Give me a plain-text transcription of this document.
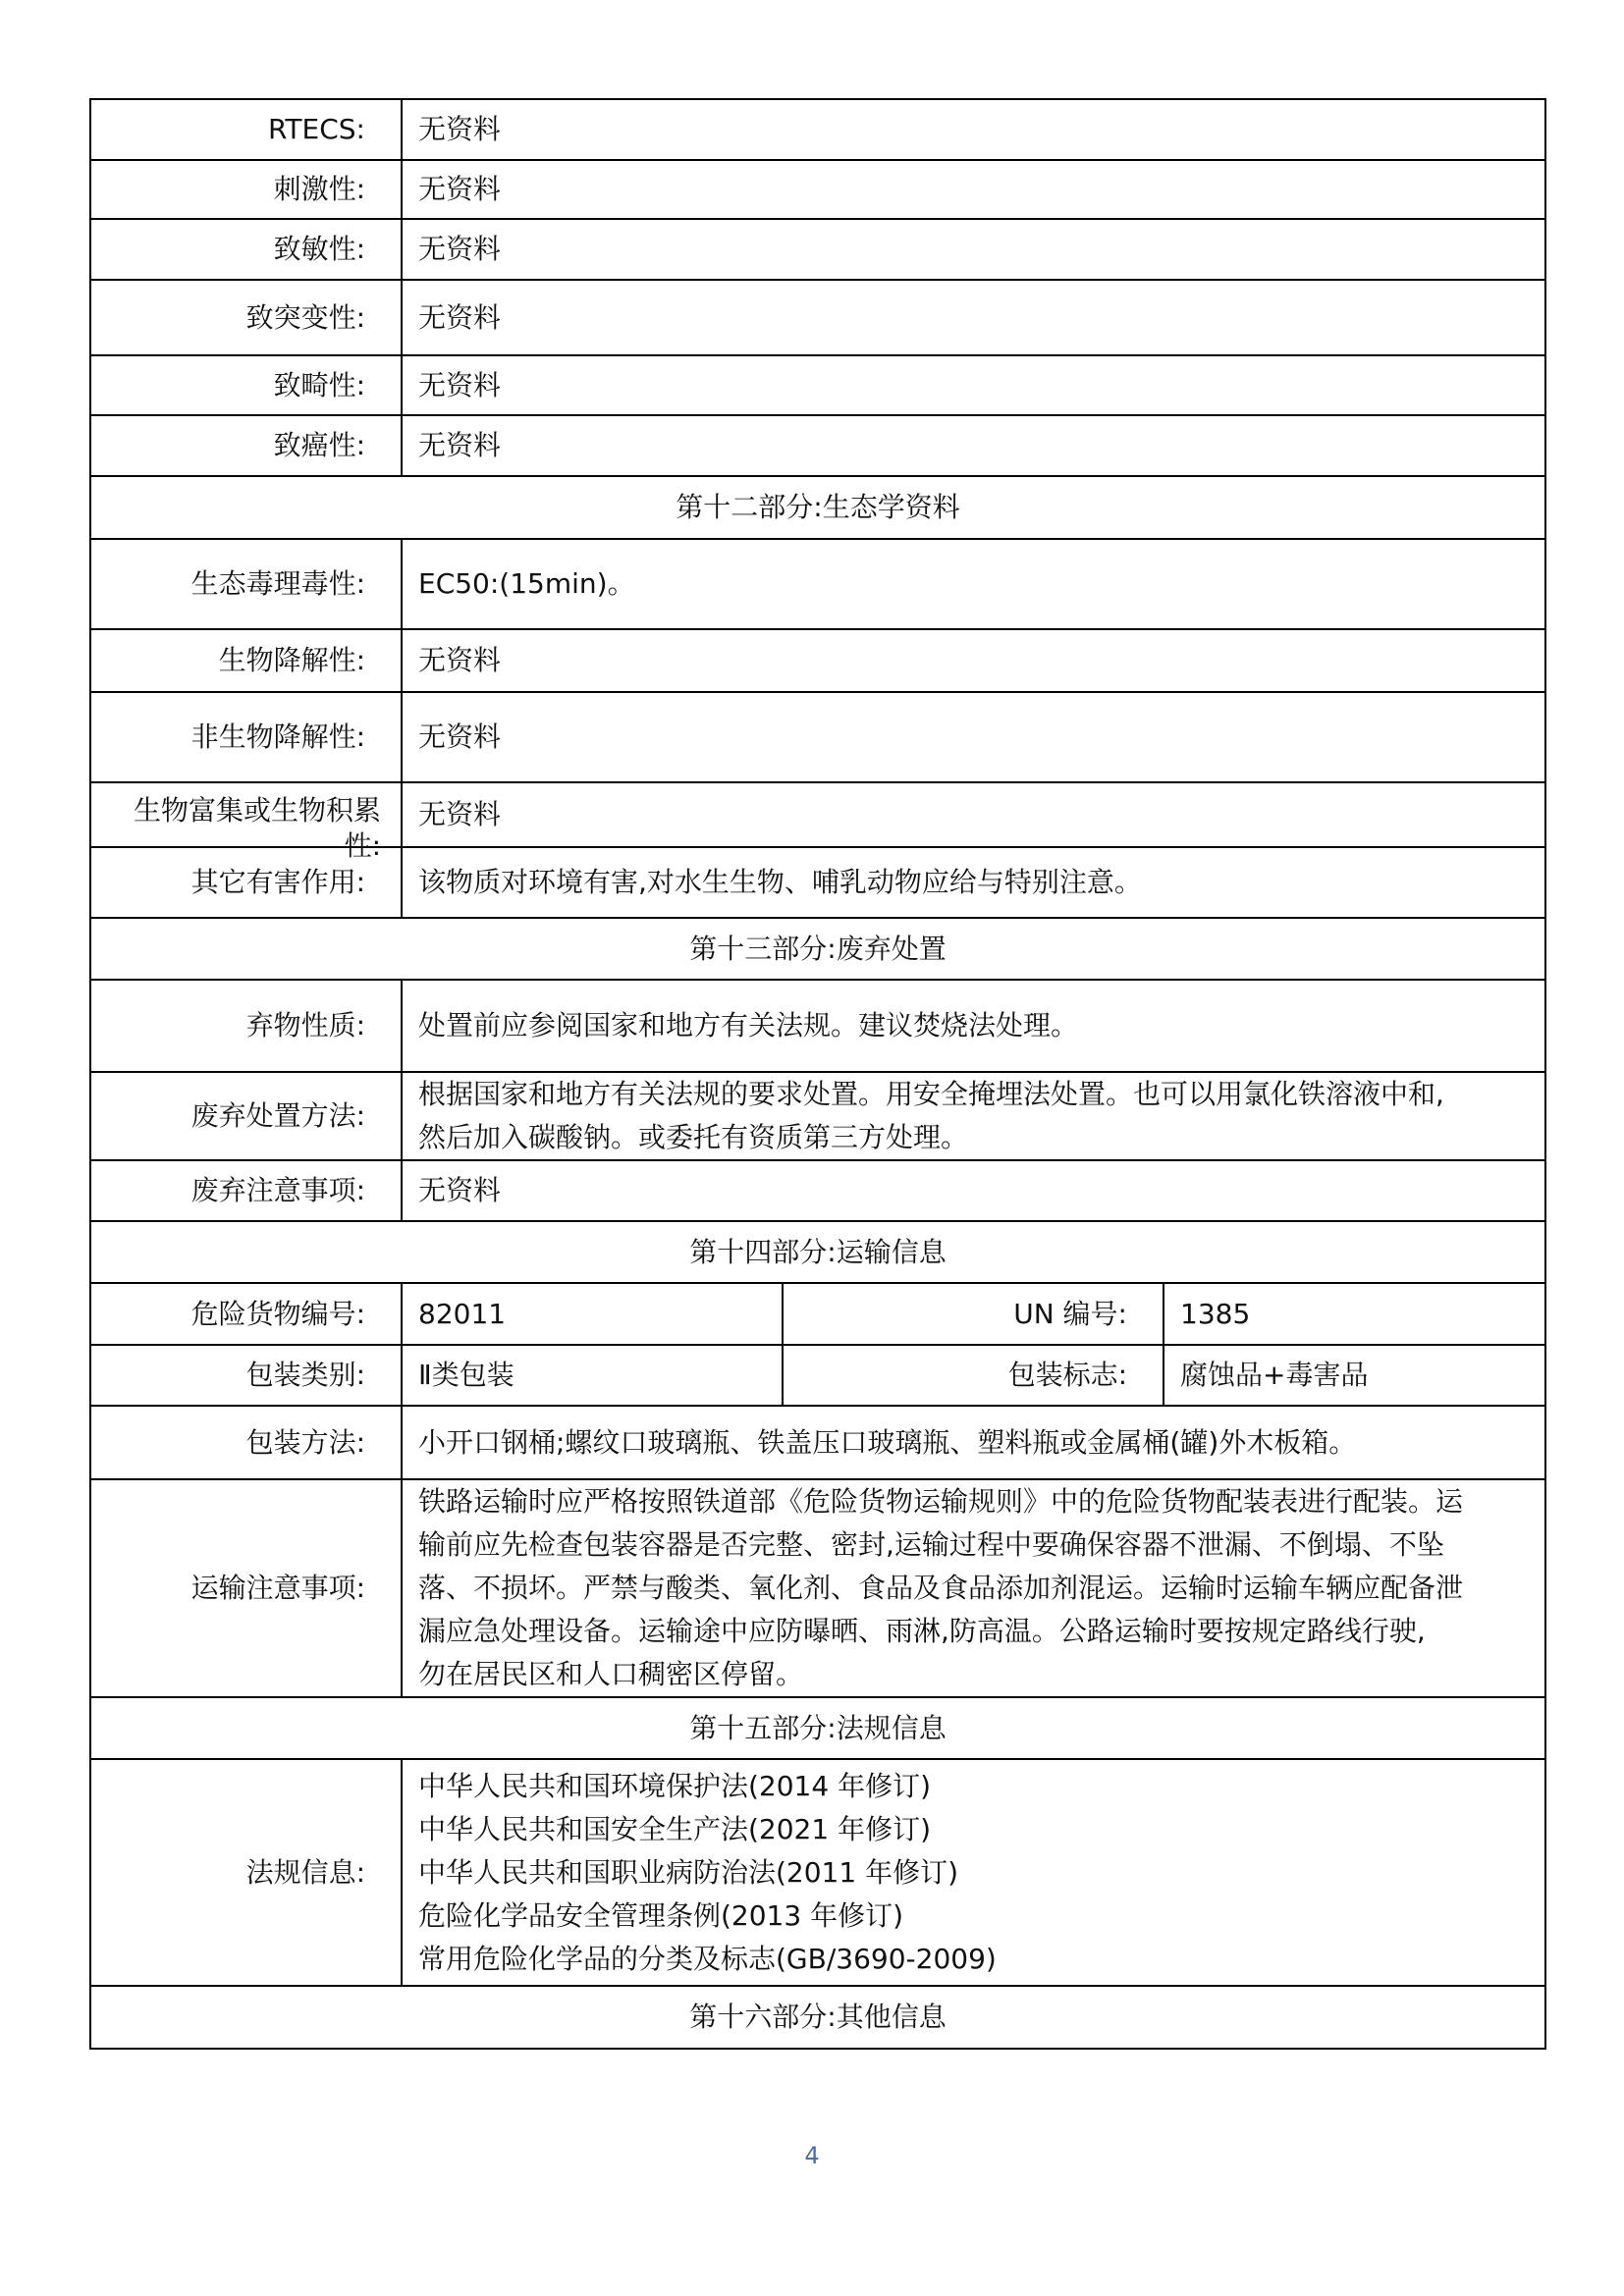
RTECS:	无资料		
刺激性:	无资料		
致敏性:	无资料		
致突变性:	无资料		
致畸性:	无资料		
致癌性:	无资料		
第十二部分:生态学资料			
生态毒理毒性:	EC50:(15min)。		
生物降解性:	无资料		
非生物降解性:	无资料		

生物富集或生物积累性:	无资料		
其它有害作用:	该物质对环境有害,对水生生物、哺乳动物应给与特别注意。		
第十三部分:废弃处置			
弃物性质:	处置前应参阅国家和地方有关法规。建议焚烧法处理。		
废弃处置方法:	根据国家和地方有关法规的要求处置。用安全掩埋法处置。也可以用氯化铁溶液中和,
然后加入碳酸钠。或委托有资质第三方处理。		

废弃注意事项:	无资料		
第十四部分:运输信息			
危险货物编号:	82011	UN 编号:	1385
包装类别:	Ⅱ类包装	包装标志:	腐蚀品+毒害品
包装方法:	小开口钢桶;螺纹口玻璃瓶、铁盖压口玻璃瓶、塑料瓶或金属桶(罐)外木板箱。		
运输注意事项:	铁路运输时应严格按照铁道部《危险货物运输规则》中的危险货物配装表进行配装。运
输前应先检查包装容器是否完整、密封,运输过程中要确保容器不泄漏、不倒塌、不坠
落、不损坏。严禁与酸类、氧化剂、食品及食品添加剂混运。运输时运输车辆应配备泄
漏应急处理设备。运输途中应防曝晒、雨淋,防高温。公路运输时要按规定路线行驶,
勿在居民区和人口稠密区停留。		

第十五部分:法规信息			
法规信息:	中华人民共和国环境保护法(2014 年修订)
中华人民共和国安全生产法(2021 年修订)
中华人民共和国职业病防治法(2011 年修订)
危险化学品安全管理条例(2013 年修订)
常用危险化学品的分类及标志(GB/3690-2009)		

第十六部分:其他信息			
4
